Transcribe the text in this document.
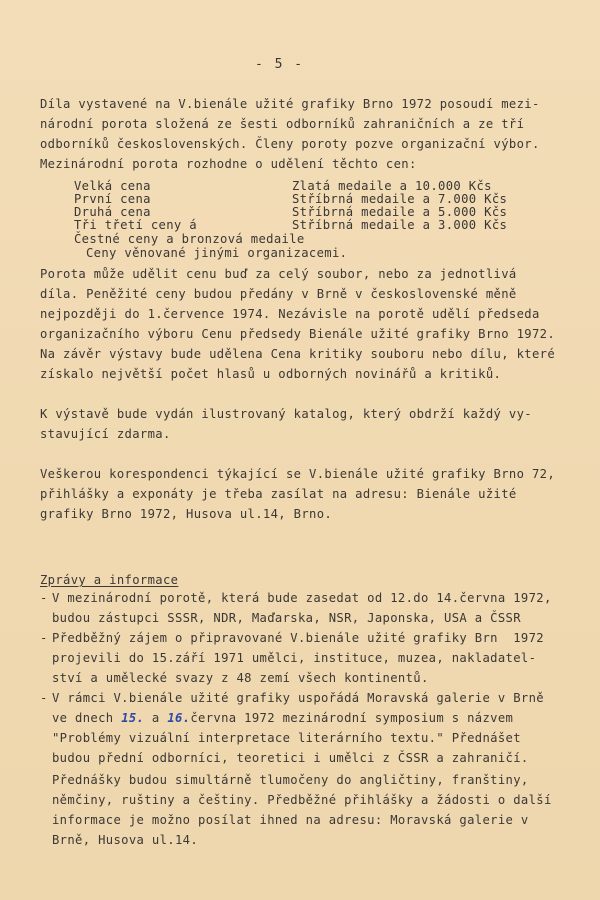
- 5 -
Díla vystavené na V.bienále užité grafiky Brno 1972 posoudí mezi-
národní porota složená ze šesti odborníků zahraničních a ze tří
odborníků československých. Členy poroty pozve organizační výbor.
Mezinárodní porota rozhodne o udělení těchto cen:
Velká cena	Zlatá medaile a 10.000 Kčs
První cena	Stříbrná medaile a 7.000 Kčs
Druhá cena	Stříbrná medaile a 5.000 Kčs
Tři třetí ceny á	Stříbrná medaile a 3.000 Kčs
Čestné ceny a bronzová medaile
Ceny věnované jinými organizacemi.
Porota může udělit cenu buď za celý soubor, nebo za jednotlivá
díla. Peněžité ceny budou předány v Brně v československé měně
nejpozději do 1.července 1974. Nezávisle na porotě udělí předseda
organizačního výboru Cenu předsedy Bienále užité grafiky Brno 1972.
Na závěr výstavy bude udělena Cena kritiky souboru nebo dílu, které
získalo největší počet hlasů u odborných novinářů a kritiků.
K výstavě bude vydán ilustrovaný katalog, který obdrží každý vy-
stavující zdarma.
Veškerou korespondenci týkající se V.bienále užité grafiky Brno 72,
přihlášky a exponáty je třeba zasílat na adresu: Bienále užité
grafiky Brno 1972, Husova ul.14, Brno.
Zprávy a informace
- V mezinárodní porotě, která bude zasedat od 12.do 14.června 1972,
budou zástupci SSSR, NDR, Maďarska, NSR, Japonska, USA a ČSSR
- Předběžný zájem o připravované V.bienále užité grafiky Brn  1972
projevili do 15.září 1971 umělci, instituce, muzea, nakladatel-
ství a umělecké svazy z 48 zemí všech kontinentů.
- V rámci V.bienále užité grafiky uspořádá Moravská galerie v Brně
ve dnech 15. a 16.června 1972 mezinárodní symposium s názvem
"Problémy vizuální interpretace literárního textu." Přednášet
budou přední odborníci, teoretici i umělci z ČSSR a zahraničí.
Přednášky budou simultárně tlumočeny do angličtiny, franštiny,
němčiny, ruštiny a češtiny. Předběžné přihlášky a žádosti o další
informace je možno posílat ihned na adresu: Moravská galerie v
Brně, Husova ul.14.
